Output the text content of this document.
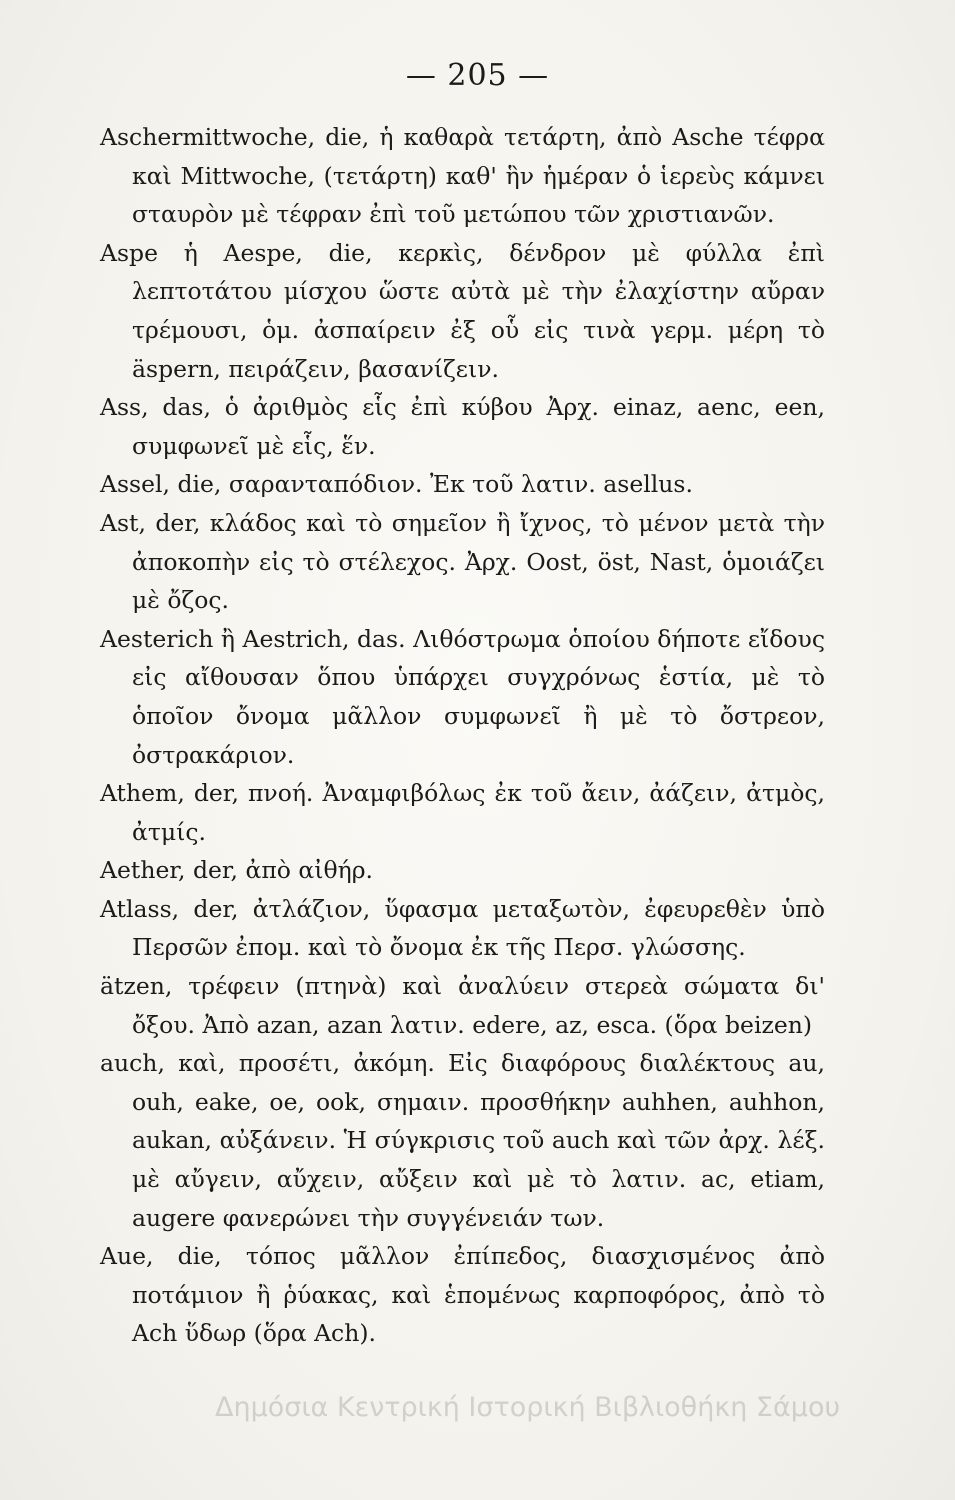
— 205 —

Aschermittwoche, die, ἡ καθαρὰ τετάρτη, ἀπὸ Asche τέφρα καὶ Mittwoche, (τετάρτη) καθ' ἣν ἡμέραν ὁ ἱερεὺς κάμνει σταυρὸν μὲ τέφραν ἐπὶ τοῦ μετώπου τῶν χριστιανῶν.

Aspe ἡ Aespe, die, κερκὶς, δένδρον μὲ φύλλα ἐπὶ λεπτοτάτου μίσχου ὥστε αὐτὰ μὲ τὴν ἐλαχίστην αὔραν τρέμουσι, ὁμ. ἀσπαίρειν ἐξ οὗ εἰς τινὰ γερμ. μέρη τὸ äspern, πειράζειν, βασανίζειν.

Ass, das, ὁ ἀριθμὸς εἷς ἐπὶ κύβου Ἀρχ. einaz, aenc, een, συμφωνεῖ μὲ εἷς, ἕν.

Assel, die, σαρανταπόδιον. Ἐκ τοῦ λατιν. asellus.

Ast, der, κλάδος καὶ τὸ σημεῖον ἢ ἴχνος, τὸ μένον μετὰ τὴν ἀποκοπὴν εἰς τὸ στέλεχος. Ἀρχ. Oost, öst, Nast, ὁμοιάζει μὲ ὄζος.

Aesterich ἢ Aestrich, das. Λιθόστρωμα ὁποίου δήποτε εἴδους εἰς αἴθουσαν ὅπου ὑπάρχει συγχρόνως ἑστία, μὲ τὸ ὁποῖον ὄνομα μᾶλλον συμφωνεῖ ἢ μὲ τὸ ὄστρεον, ὀστρακάριον.

Athem, der, πνοή. Ἀναμφιβόλως ἐκ τοῦ ἄειν, ἀάζειν, ἀτμὸς, ἀτμίς.

Aether, der, ἀπὸ αἰθήρ.

Atlass, der, ἀτλάζιον, ὕφασμα μεταξωτὸν, ἐφευρεθὲν ὑπὸ Περσῶν ἐπομ. καὶ τὸ ὄνομα ἐκ τῆς Περσ. γλώσσης.

ätzen, τρέφειν (πτηνὰ) καὶ ἀναλύειν στερεὰ σώματα δι' ὄξου. Ἀπὸ azan, azan λατιν. edere, az, esca. (ὅρα beizen)

auch, καὶ, προσέτι, ἀκόμη. Εἰς διαφόρους διαλέκτους au, ouh, eake, oe, ook, σημαιν. προσθήκην auhhen, auhhon, aukan, αὐξάνειν. Ἡ σύγκρισις τοῦ auch καὶ τῶν ἀρχ. λέξ. μὲ αὔγειν, αὔχειν, αὔξειν καὶ μὲ τὸ λατιν. ac, etiam, augere φανερώνει τὴν συγγένειάν των.

Aue, die, τόπος μᾶλλον ἐπίπεδος, διασχισμένος ἀπὸ ποτάμιον ἢ ῥύακας, καὶ ἑπομένως καρποφόρος, ἀπὸ τὸ Ach ὕδωρ (ὅρα Ach).

Δημόσια Κεντρική Ιστορική Βιβλιοθήκη Σάμου
